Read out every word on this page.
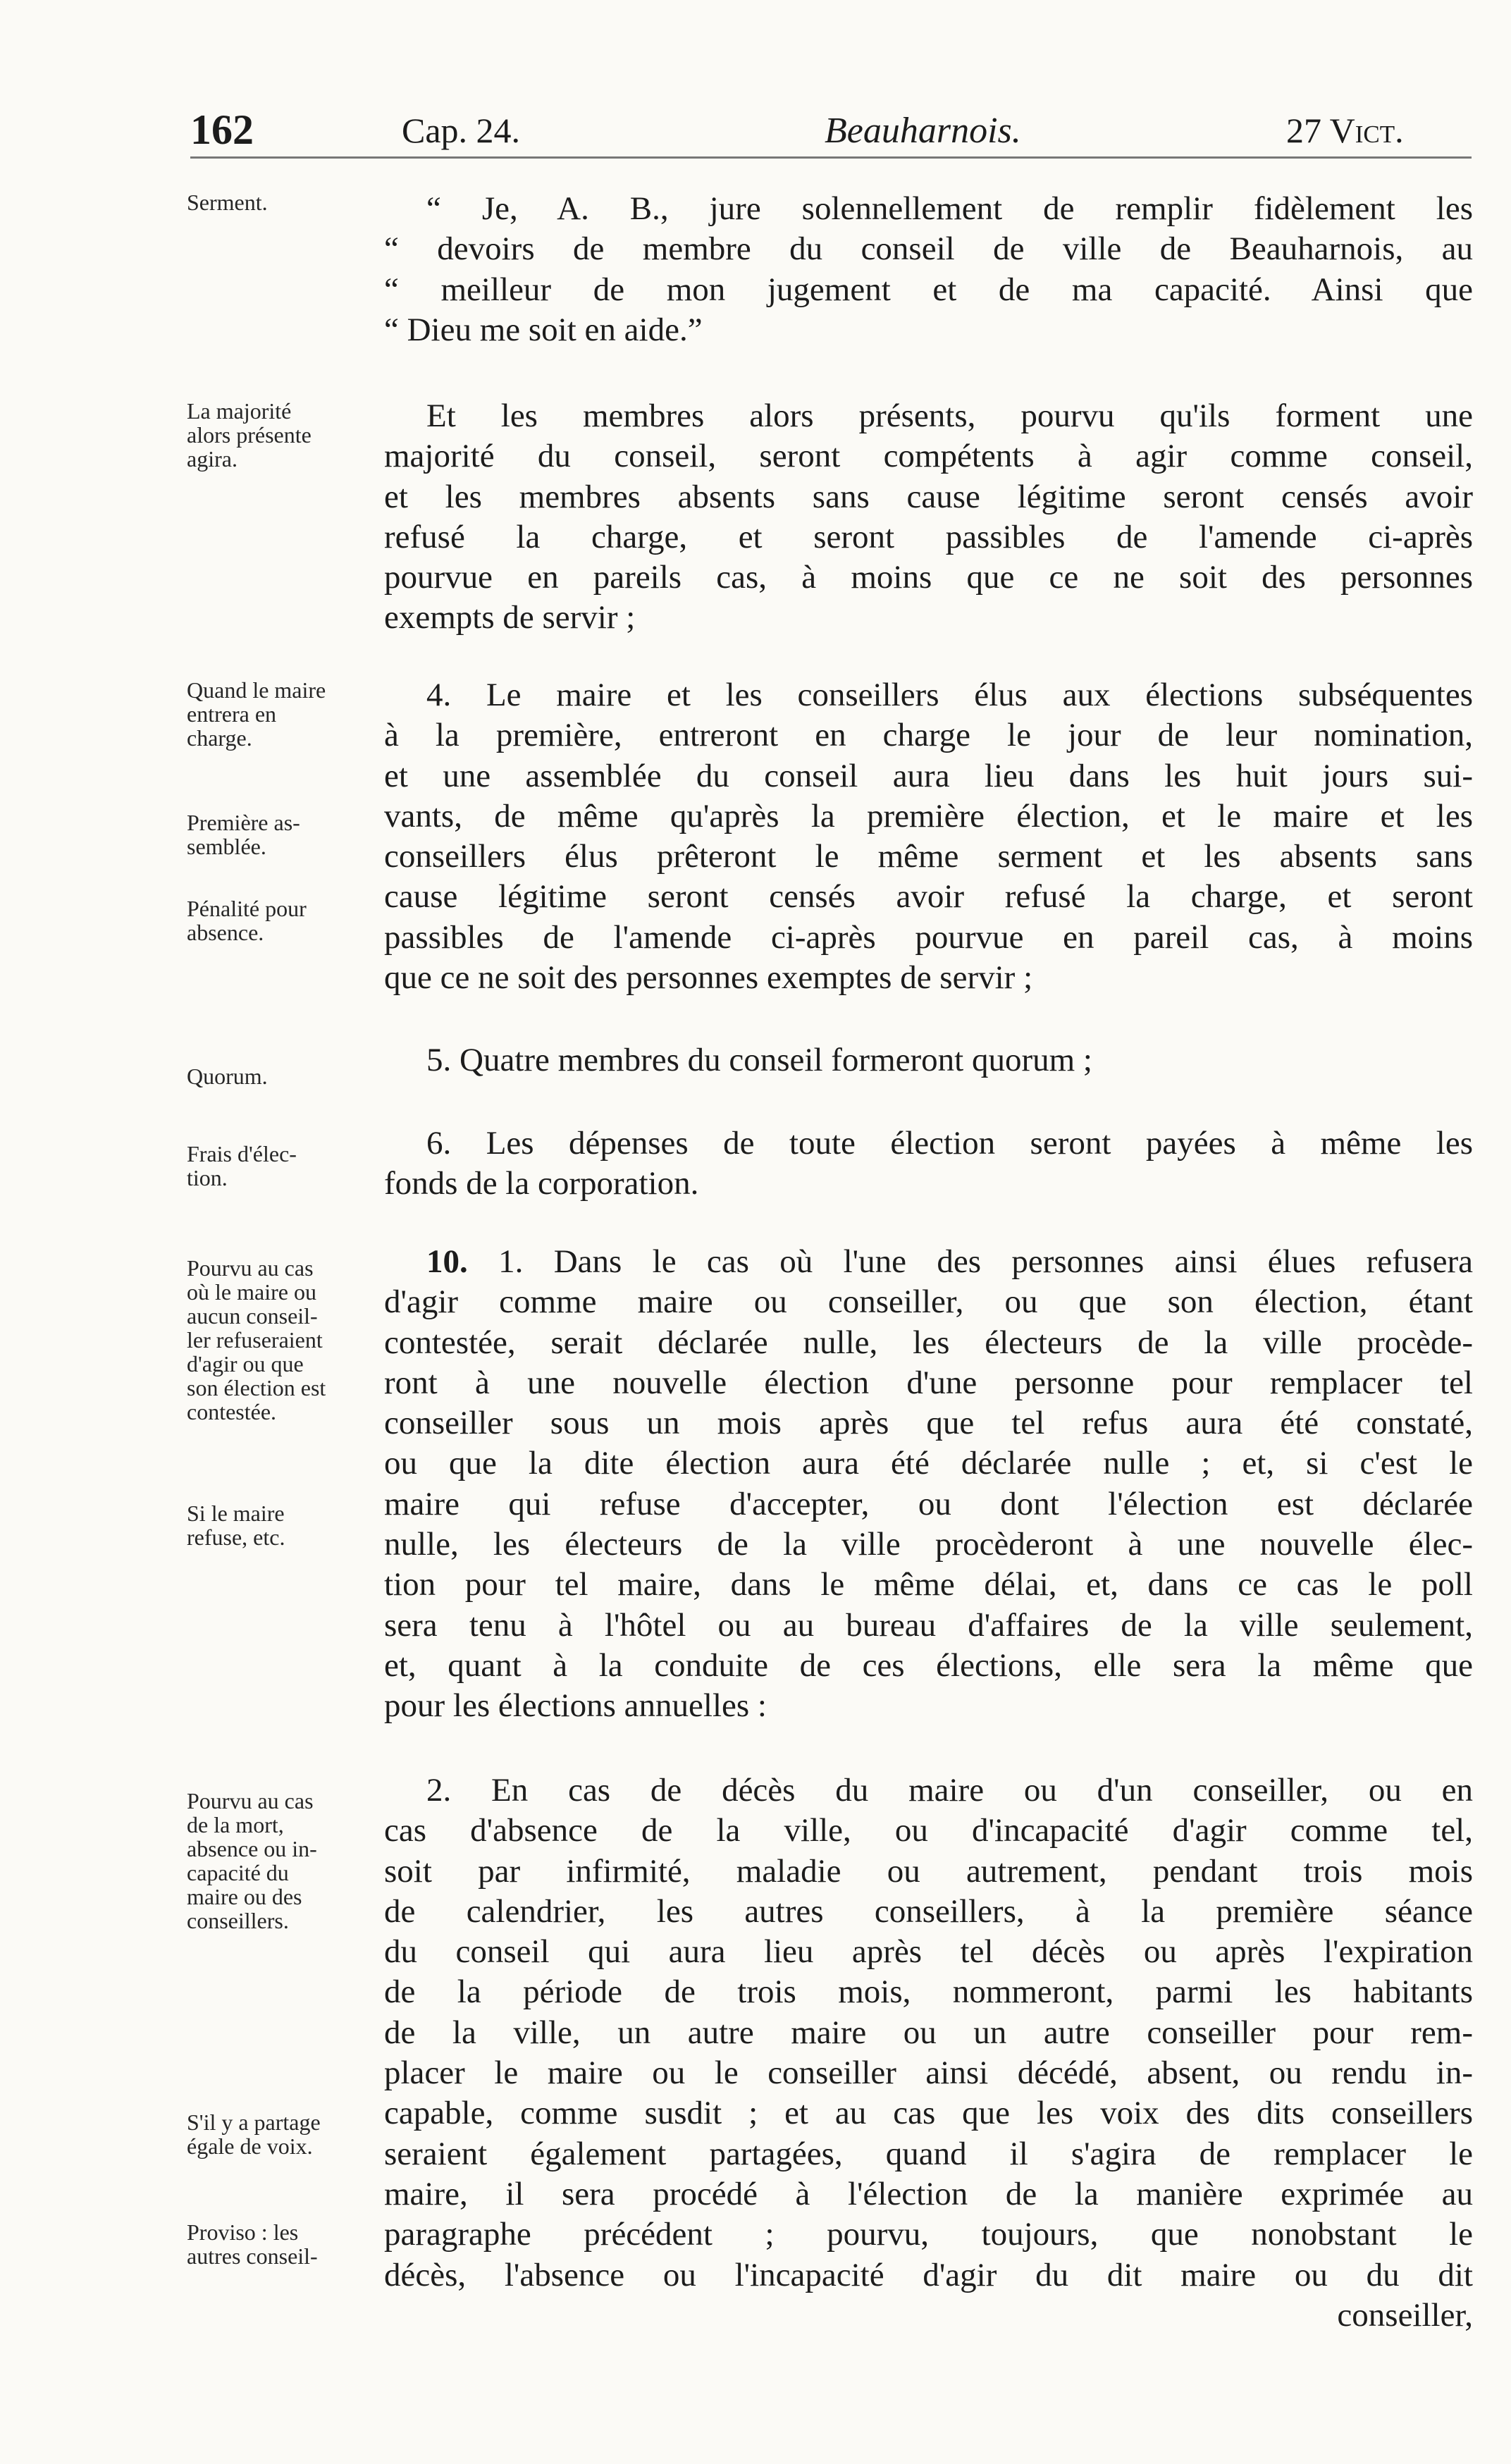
162	Cap. 24.	Beauharnois.	27 Vict.
Serment.
La majorité
alors présente
agira.
Quand le maire
entrera en
charge.
Première as-
semblée.
Pénalité pour
absence.
Quorum.
Frais d'élec-
tion.
Pourvu au cas
où le maire ou
aucun conseil-
ler refuseraient
d'agir ou que
son élection est
contestée.
Si le maire
refuse, etc.
Pourvu au cas
de la mort,
absence ou in-
capacité du
maire ou des
conseillers.
S'il y a partage
égale de voix.
Proviso : les
autres conseil-
“ Je, A. B., jure solennellement de remplir fidèlement les
“ devoirs de membre du conseil de ville de Beauharnois, au
“ meilleur de mon jugement et de ma capacité. Ainsi que
“ Dieu me soit en aide.”
Et les membres alors présents, pourvu qu'ils forment une
majorité du conseil, seront compétents à agir comme conseil,
et les membres absents sans cause légitime seront censés avoir
refusé la charge, et seront passibles de l'amende ci-après
pourvue en pareils cas, à moins que ce ne soit des personnes
exempts de servir ;
4. Le maire et les conseillers élus aux élections subséquentes
à la première, entreront en charge le jour de leur nomination,
et une assemblée du conseil aura lieu dans les huit jours sui-
vants, de même qu'après la première élection, et le maire et les
conseillers élus prêteront le même serment et les absents sans
cause légitime seront censés avoir refusé la charge, et seront
passibles de l'amende ci-après pourvue en pareil cas, à moins
que ce ne soit des personnes exemptes de servir ;
5. Quatre membres du conseil formeront quorum ;
6. Les dépenses de toute élection seront payées à même les
fonds de la corporation.
10. 1. Dans le cas où l'une des personnes ainsi élues refusera
d'agir comme maire ou conseiller, ou que son élection, étant
contestée, serait déclarée nulle, les électeurs de la ville procède-
ront à une nouvelle élection d'une personne pour remplacer tel
conseiller sous un mois après que tel refus aura été constaté,
ou que la dite élection aura été déclarée nulle ; et, si c'est le
maire qui refuse d'accepter, ou dont l'élection est déclarée
nulle, les électeurs de la ville procèderont à une nouvelle élec-
tion pour tel maire, dans le même délai, et, dans ce cas le poll
sera tenu à l'hôtel ou au bureau d'affaires de la ville seulement,
et, quant à la conduite de ces élections, elle sera la même que
pour les élections annuelles :
2. En cas de décès du maire ou d'un conseiller, ou en
cas d'absence de la ville, ou d'incapacité d'agir comme tel,
soit par infirmité, maladie ou autrement, pendant trois mois
de calendrier, les autres conseillers, à la première séance
du conseil qui aura lieu après tel décès ou après l'expiration
de la période de trois mois, nommeront, parmi les habitants
de la ville, un autre maire ou un autre conseiller pour rem-
placer le maire ou le conseiller ainsi décédé, absent, ou rendu in-
capable, comme susdit ; et au cas que les voix des dits conseillers
seraient également partagées, quand il s'agira de remplacer le
maire, il sera procédé à l'élection de la manière exprimée au
paragraphe précédent ; pourvu, toujours, que nonobstant le
décès, l'absence ou l'incapacité d'agir du dit maire ou du dit
conseiller,
